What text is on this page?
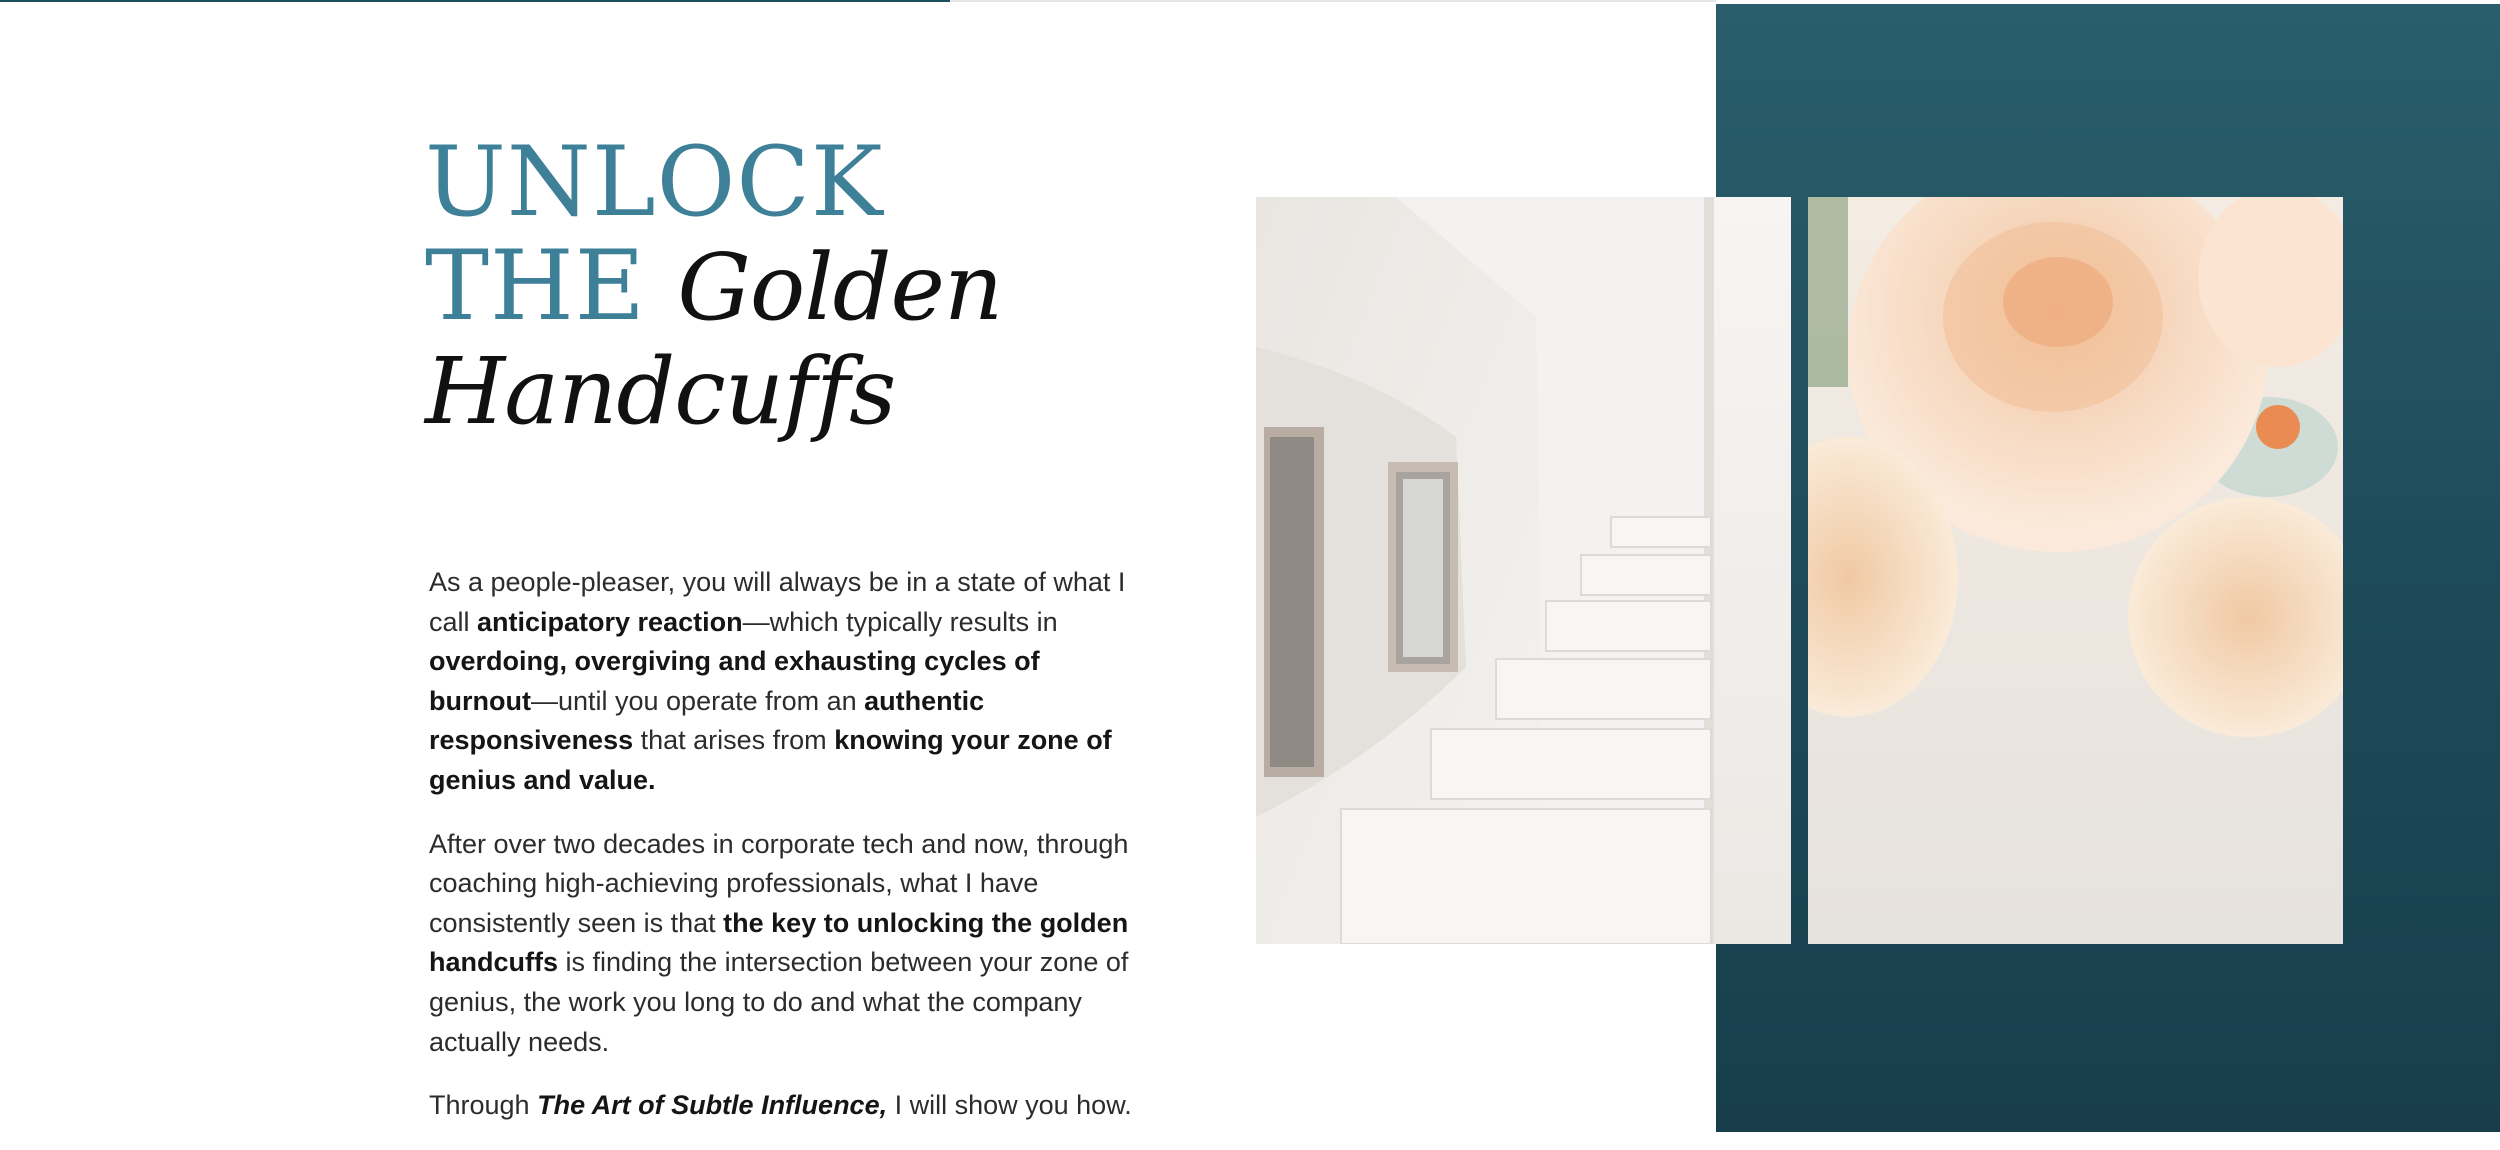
UNLOCK
THE Golden
Handcuffs

As a people-pleaser, you will always be in a state of what I call anticipatory reaction—which typically results in overdoing, overgiving and exhausting cycles of burnout—until you operate from an authentic responsiveness that arises from knowing your zone of genius and value.

After over two decades in corporate tech and now, through coaching high-achieving professionals, what I have consistently seen is that the key to unlocking the golden handcuffs is finding the intersection between your zone of genius, the work you long to do and what the company actually needs.

Through The Art of Subtle Influence, I will show you how.
